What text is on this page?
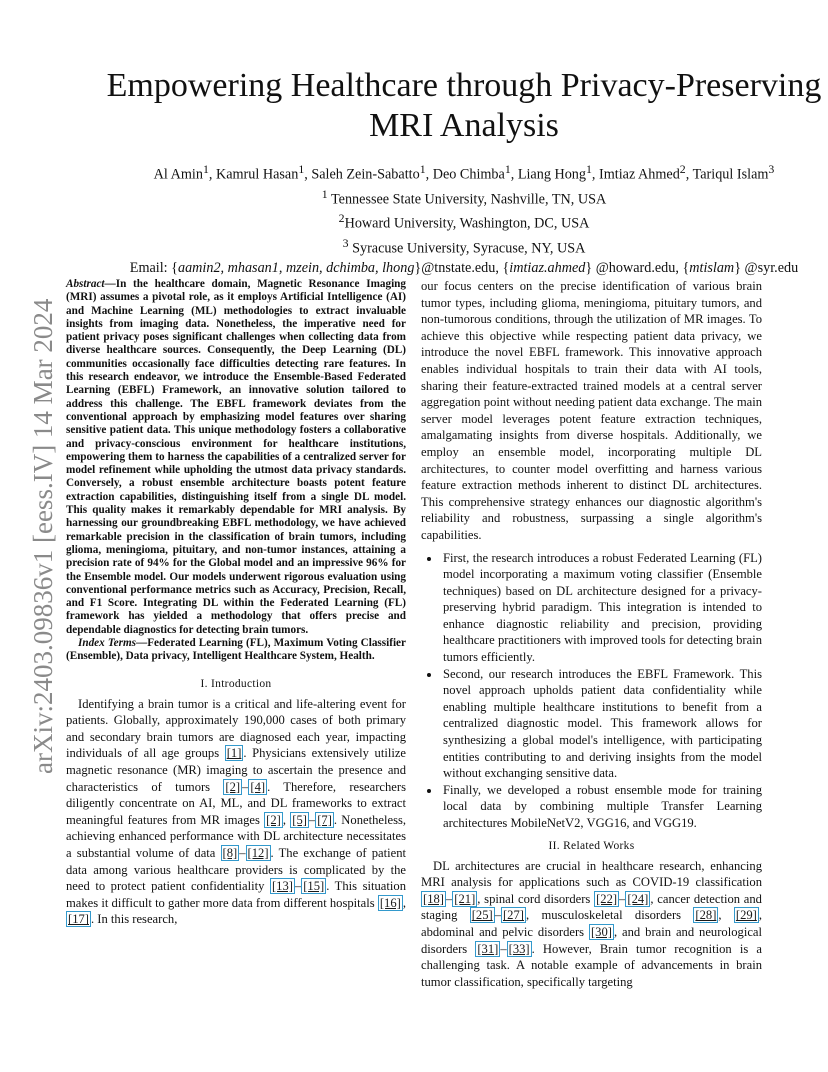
arXiv:2403.09836v1 [eess.IV] 14 Mar 2024
Empowering Healthcare through Privacy-Preserving
MRI Analysis
Al Amin$^1$, Kamrul Hasan$^1$, Saleh Zein-Sabatto$^1$, Deo Chimba$^1$, Liang Hong$^1$, Imtiaz Ahmed$^2$, Tariqul Islam$^3$
$^1$ Tennessee State University, Nashville, TN, USA
$^2$Howard University, Washington, DC, USA
$^3$ Syracuse University, Syracuse, NY, USA
Email: {aamin2, mhasan1, mzein, dchimba, lhong}@tnstate.edu, {imtiaz.ahmed} @howard.edu, {mtislam} @syr.edu

Abstract—In the healthcare domain, Magnetic Resonance Imaging (MRI) assumes a pivotal role, as it employs Artificial Intelligence (AI) and Machine Learning (ML) methodologies to extract invaluable insights from imaging data. Nonetheless, the imperative need for patient privacy poses significant challenges when collecting data from diverse healthcare sources. Consequently, the Deep Learning (DL) communities occasionally face difficulties detecting rare features. In this research endeavor, we introduce the Ensemble-Based Federated Learning (EBFL) Framework, an innovative solution tailored to address this challenge. The EBFL framework deviates from the conventional approach by emphasizing model features over sharing sensitive patient data. This unique methodology fosters a collaborative and privacy-conscious environment for healthcare institutions, empowering them to harness the capabilities of a centralized server for model refinement while upholding the utmost data privacy standards. Conversely, a robust ensemble architecture boasts potent feature extraction capabilities, distinguishing itself from a single DL model. This quality makes it remarkably dependable for MRI analysis. By harnessing our groundbreaking EBFL methodology, we have achieved remarkable precision in the classification of brain tumors, including glioma, meningioma, pituitary, and non-tumor instances, attaining a precision rate of 94% for the Global model and an impressive 96% for the Ensemble model. Our models underwent rigorous evaluation using conventional performance metrics such as Accuracy, Precision, Recall, and F1 Score. Integrating DL within the Federated Learning (FL) framework has yielded a methodology that offers precise and dependable diagnostics for detecting brain tumors.

Index Terms—Federated Learning (FL), Maximum Voting Classifier (Ensemble), Data privacy, Intelligent Healthcare System, Health.

I. Introduction

Identifying a brain tumor is a critical and life-altering event for patients. Globally, approximately 190,000 cases of both primary and secondary brain tumors are diagnosed each year, impacting individuals of all age groups [1] . Physicians extensively utilize magnetic resonance (MR) imaging to ascertain the presence and characteristics of tumors [2] – [4] . Therefore, researchers diligently concentrate on AI, ML, and DL frameworks to extract meaningful features from MR images [2] , [5] – [7] . Nonetheless, achieving enhanced performance with DL architecture necessitates a substantial volume of data [8] – [12] . The exchange of patient data among various healthcare providers is complicated by the need to protect patient confidentiality [13] – [15] . This situation makes it difficult to gather more data from different hospitals [16] , [17] . In this research,

our focus centers on the precise identification of various brain tumor types, including glioma, meningioma, pituitary tumors, and non-tumorous conditions, through the utilization of MR images. To achieve this objective while respecting patient data privacy, we introduce the novel EBFL framework. This innovative approach enables individual hospitals to train their data with AI tools, sharing their feature-extracted trained models at a central server aggregation point without needing patient data exchange. The main server model leverages potent feature extraction techniques, amalgamating insights from diverse hospitals. Additionally, we employ an ensemble model, incorporating multiple DL architectures, to counter model overfitting and harness various feature extraction methods inherent to distinct DL architectures. This comprehensive strategy enhances our diagnostic algorithm's reliability and robustness, surpassing a single algorithm's capabilities.

• First, the research introduces a robust Federated Learning (FL) model incorporating a maximum voting classifier (Ensemble techniques) based on DL architecture designed for a privacy-preserving hybrid paradigm. This integration is intended to enhance diagnostic reliability and precision, providing healthcare practitioners with improved tools for detecting brain tumors efficiently.
• Second, our research introduces the EBFL Framework. This novel approach upholds patient data confidentiality while enabling multiple healthcare institutions to benefit from a centralized diagnostic model. This framework allows for synthesizing a global model's intelligence, with participating entities contributing to and deriving insights from the model without exchanging sensitive data.
• Finally, we developed a robust ensemble mode for training local data by combining multiple Transfer Learning architectures MobileNetV2, VGG16, and VGG19.
II. Related Works

DL architectures are crucial in healthcare research, enhancing MRI analysis for applications such as COVID-19 classification [18] – [21] , spinal cord disorders [22] – [24] , cancer detection and staging [25] – [27] , musculoskeletal disorders [28] , [29] , abdominal and pelvic disorders [30] , and brain and neurological disorders [31] – [33] . However, Brain tumor recognition is a challenging task. A notable example of advancements in brain tumor classification, specifically targeting
